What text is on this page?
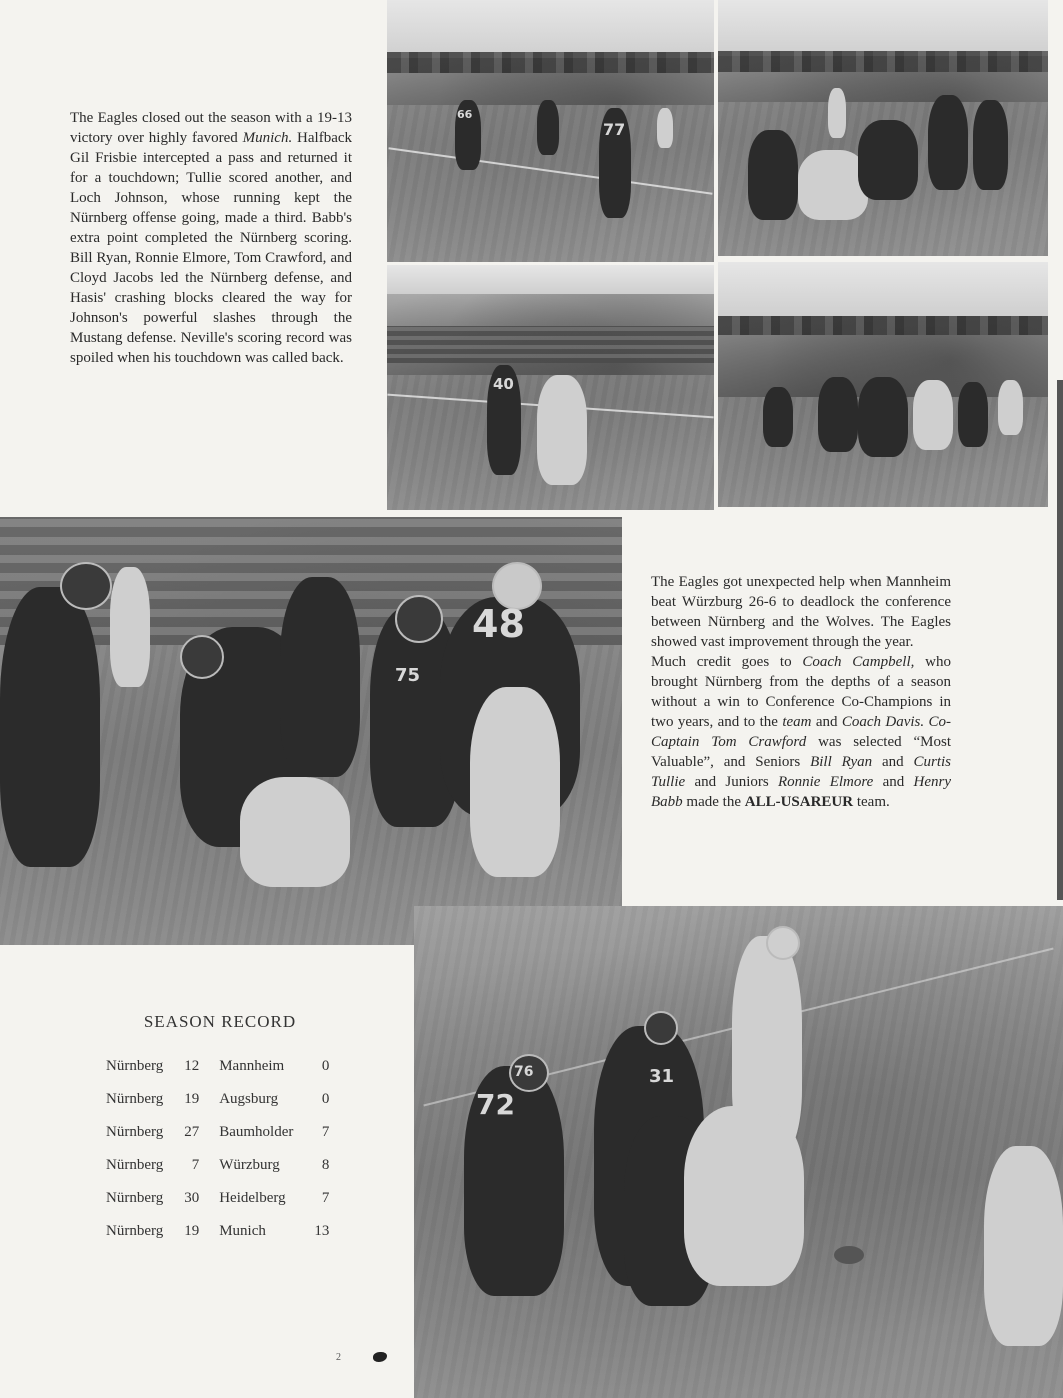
66
77
40
48
75
72
76	31

The Eagles closed out the season with a 19-13 victory over highly favored Munich. Halfback Gil Frisbie intercepted a pass and returned it for a touchdown; Tullie scored another, and Loch Johnson, whose running kept the Nürnberg offense going, made a third. Babb's extra point completed the Nürnberg scoring. Bill Ryan, Ronnie Elmore, Tom Crawford, and Cloyd Jacobs led the Nürnberg defense, and Hasis' crashing blocks cleared the way for Johnson's powerful slashes through the Mustang defense. Neville's scoring record was spoiled when his touchdown was called back.

The Eagles got unexpected help when Mannheim beat Würzburg 26-6 to deadlock the conference between Nürnberg and the Wolves. The Eagles showed vast improvement through the year.

Much credit goes to Coach Campbell, who brought Nürnberg from the depths of a season without a win to Conference Co-Champions in two years, and to the team and Coach Davis. Co-Captain Tom Crawford was selected “Most Valuable”, and Seniors Bill Ryan and Curtis Tullie and Juniors Ronnie Elmore and Henry Babb made the ALL-USAREUR team.

SEASON RECORD
Nürnberg	12	Mannheim	0
Nürnberg	19	Augsburg	0
Nürnberg	27	Baumholder	7
Nürnberg	7	Würzburg	8
Nürnberg	30	Heidelberg	7
Nürnberg	19	Munich	13
2
